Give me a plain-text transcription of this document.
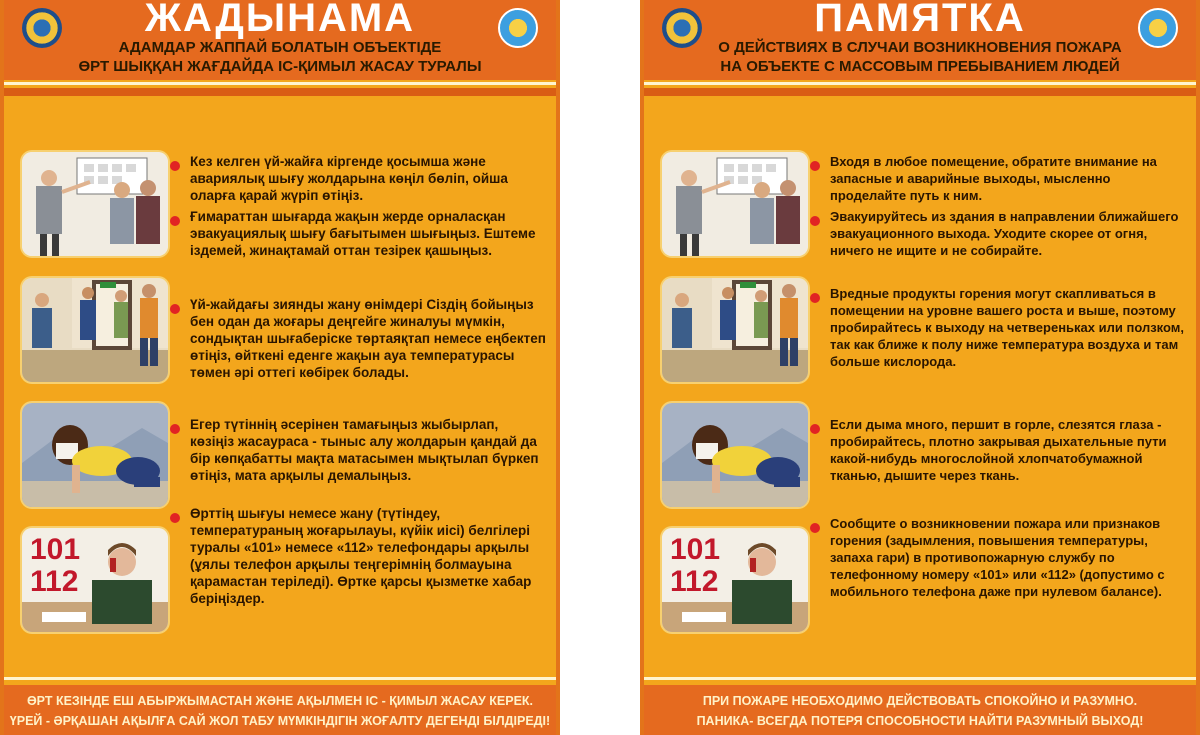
ЖАДЫНАМА
АДАМДАР ЖАППАЙ БОЛАТЫН ОБЪЕКТІДЕ
ӨРТ ШЫҚҚАН ЖАҒДАЙДА ІС-ҚИМЫЛ ЖАСАУ ТУРАЛЫ
101
112

Кез келген үй-жайға кіргенде қосымша және авариялық шығу жолдарына көңіл бөліп, ойша оларға қарай жүріп өтіңіз.

Ғимараттан шығарда жақын жерде орналасқан эвакуациялық шығу бағытымен шығыңыз. Ештеме іздемей, жинақтамай оттан тезірек қашыңыз.

Үй-жайдағы зиянды жану өнімдері Сіздің бойыңыз бен одан да жоғары деңгейге жиналуы мүмкін, сондықтан шығаберіске төртаяқтап немесе еңбектеп өтіңіз, өйткені еденге жақын ауа температурасы төмен әрі оттегі көбірек болады.

Егер түтіннің әсерінен тамағыңыз жыбырлап, көзіңіз жасаураса - тыныс алу жолдарын қандай да бір көпқабатты мақта матасымен мықтылап бүркеп өтіңіз, мата арқылы демалыңыз.

Өрттің шығуы немесе жану (түтіндеу, температураның жоғарылауы, күйік иісі) белгілері туралы «101» немесе «112» телефондары арқылы (ұялы телефон арқылы теңгерімнің болмауына қарамастан теріледі). Өртке қарсы қызметке хабар беріңіздер.

ӨРТ КЕЗІНДЕ ЕШ АБЫРЖЫМАСТАН ЖӘНЕ АҚЫЛМЕН ІС - ҚИМЫЛ ЖАСАУ КЕРЕК.
ҮРЕЙ - ӘРҚАШАН АҚЫЛҒА САЙ ЖОЛ ТАБУ МҮМКІНДІГІН ЖОҒАЛТУ ДЕГЕНДІ БІЛДІРЕДІ!
ПАМЯТКА
О ДЕЙСТВИЯХ В СЛУЧАИ ВОЗНИКНОВЕНИЯ ПОЖАРА
НА ОБЪЕКТЕ С МАССОВЫМ ПРЕБЫВАНИЕМ ЛЮДЕЙ
101
112

Входя в любое помещение, обратите внимание на запасные и аварийные выходы, мысленно проделайте путь к ним.

Эвакуируйтесь из здания в направлении ближайшего эвакуационного выхода. Уходите скорее от огня, ничего не ищите и не собирайте.

Вредные продукты горения могут скапливаться в помещении на уровне вашего роста и выше, поэтому пробирайтесь к выходу на четвереньках или ползком, так как ближе к полу ниже температура воздуха и там больше кислорода.

Если дыма много, першит в горле, слезятся глаза - пробирайтесь, плотно закрывая дыхательные пути какой-нибудь многослойной хлопчатобумажной тканью, дышите через ткань.

Сообщите о возникновении пожара или признаков горения (задымления, повышения температуры, запаха гари) в противопожарную службу по телефонному номеру «101» или «112» (допустимо с мобильного телефона даже при нулевом балансе).

ПРИ ПОЖАРЕ НЕОБХОДИМО ДЕЙСТВОВАТЬ СПОКОЙНО И РАЗУМНО.
ПАНИКА- ВСЕГДА ПОТЕРЯ СПОСОБНОСТИ НАЙТИ РАЗУМНЫЙ ВЫХОД!
